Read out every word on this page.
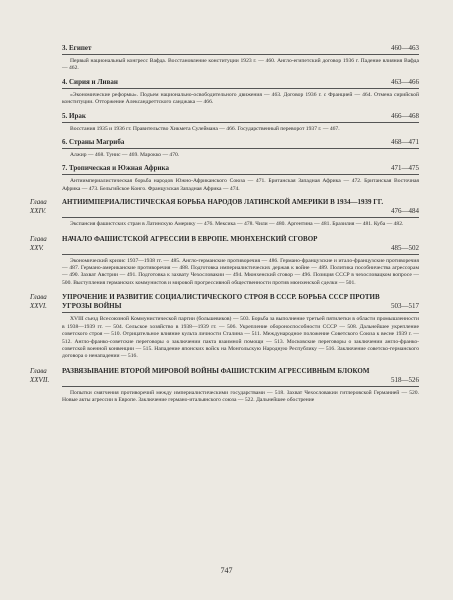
3. Египет	460—463

Первый национальный конгресс Вафда. Восстановление конституции 1923 г. — 460. Англо-египетский договор 1936 г. Падение влияния Вафда — 462.

4. Сирия и Ливан	463—466

«Экономические реформы». Подъем национально-освободительного движения — 463. Договор 1936 г. с Францией — 464. Отмена сирийской конституции. Отторжение Александреттского санджака — 466.

5. Ирак	466—468

Восстания 1935 и 1936 гг. Правительство Хикмета Сулеймана — 466. Государственный переворот 1937 г. — 467.

6. Страны Магриба	468—471

Алжир — 468. Тунис — 469. Марокко — 470.

7. Тропическая и Южная Африка	471—475

Антиимпериалистическая борьба народов Южно-Африканского Союза — 471. Британская Западная Африка — 472. Британская Восточная Африка — 473. Бельгийское Конго. Французская Западная Африка — 474.

Глава XXIV.
АНТИИМПЕРИАЛИСТИЧЕСКАЯ БОРЬБА НАРОДОВ ЛАТИНСКОЙ АМЕРИКИ В 1934—1939 ГГ.
476—484

Экспансия фашистских стран в Латинскую Америку — 476. Мексика — 478. Чили — 480. Аргентина — 481. Бразилия — 481. Куба — 482.

Глава XXV.
НАЧАЛО ФАШИСТСКОЙ АГРЕССИИ В ЕВРОПЕ. МЮНХЕНСКИЙ СГОВОР
485—502

Экономический кризис 1937—1938 гг. — 485. Англо-германские противоречия — 486. Германо-французские и итало-французские противоречия — 487. Германо-американские противоречия — 488. Подготовка империалистических держав к войне — 489. Политика пособничества агрессорам — 490. Захват Австрии — 491. Подготовка к захвату Чехословакии — 494. Мюнхенский сговор — 496. Позиция СССР в чехословацком вопросе — 500. Выступления германских коммунистов и мировой прогрессивной общественности против мюнхенской сделки — 501.

Глава XXVI.
УПРОЧЕНИЕ И РАЗВИТИЕ СОЦИАЛИСТИЧЕСКОГО СТРОЯ В СССР. БОРЬБА СССР ПРОТИВ УГРОЗЫ ВОЙНЫ	503—517

XVIII съезд Всесоюзной Коммунистической партии (большевиков) — 503. Борьба за выполнение третьей пятилетки в области промышленности в 1938—1939 гг. — 504. Сельское хозяйство в 1938—1939 гг. — 506. Укрепление обороноспособности СССР — 508. Дальнейшее укрепление советского строя — 510. Отрицательное влияние культа личности Сталина — 511. Международное положение Советского Союза к весне 1939 г. — 512. Англо-франко-советские переговоры о заключении пакта взаимной помощи — 513. Московские переговоры о заключении англо-франко-советской военной конвенции — 515. Нападение японских войск на Монгольскую Народную Республику — 516. Заключение советско-германского договора о ненападении — 516.

Глава XXVII.
РАЗВЯЗЫВАНИЕ ВТОРОЙ МИРОВОЙ ВОЙНЫ ФАШИСТСКИМ АГРЕССИВНЫМ БЛОКОМ
518—526

Попытки смягчения противоречий между империалистическими государствами — 518. Захват Чехословакии гитлеровской Германией — 520. Новые акты агрессии в Европе. Заключение германо-итальянского союза — 522. Дальнейшее обострение

747
